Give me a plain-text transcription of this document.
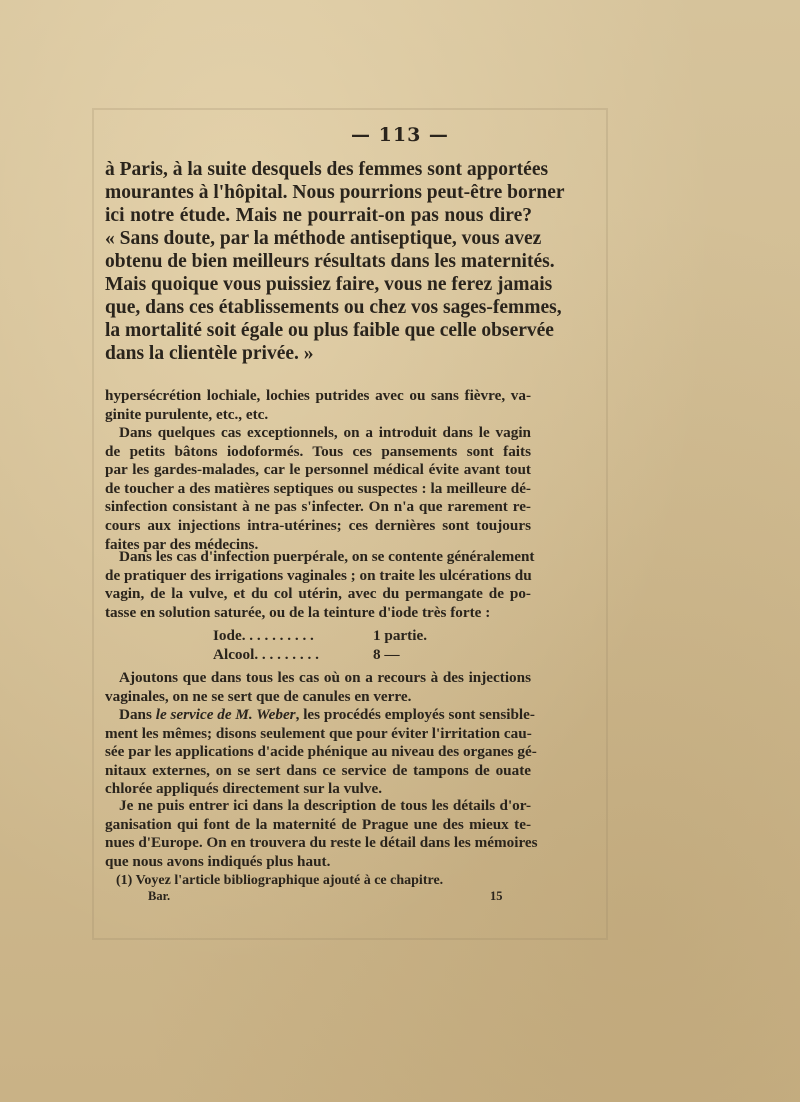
— 113 —
à Paris, à la suite desquels des femmes sont apportées
mourantes à l'hôpital. Nous pourrions peut-être borner
ici notre étude. Mais ne pourrait-on pas nous dire?
« Sans doute, par la méthode antiseptique, vous avez
obtenu de bien meilleurs résultats dans les maternités.
Mais quoique vous puissiez faire, vous ne ferez jamais
que, dans ces établissements ou chez vos sages-femmes,
la mortalité soit égale ou plus faible que celle observée
dans la clientèle privée. »
hypersécrétion lochiale, lochies putrides avec ou sans fièvre, va-
ginite purulente, etc., etc.
Dans quelques cas exceptionnels, on a introduit dans le vagin
de petits bâtons iodoformés. Tous ces pansements sont faits
par les gardes-malades, car le personnel médical évite avant tout
de toucher a des matières septiques ou suspectes : la meilleure dé-
sinfection consistant à ne pas s'infecter. On n'a que rarement re-
cours aux injections intra-utérines; ces dernières sont toujours
faites par des médecins.
Dans les cas d'infection puerpérale, on se contente généralement
de pratiquer des irrigations vaginales ; on traite les ulcérations du
vagin, de la vulve, et du col utérin, avec du permangate de po-
tasse en solution saturée, ou de la teinture d'iode très forte :
Iode. . . . . . . . . .	1 partie.
Alcool. . . . . . . . .	8 —
Ajoutons que dans tous les cas où on a recours à des injections
vaginales, on ne se sert que de canules en verre.
Dans le service de M. Weber, les procédés employés sont sensible-
ment les mêmes; disons seulement que pour éviter l'irritation cau-
sée par les applications d'acide phénique au niveau des organes gé-
nitaux externes, on se sert dans ce service de tampons de ouate
chlorée appliqués directement sur la vulve.
Je ne puis entrer ici dans la description de tous les détails d'or-
ganisation qui font de la maternité de Prague une des mieux te-
nues d'Europe. On en trouvera du reste le détail dans les mémoires
que nous avons indiqués plus haut.
(1) Voyez l'article bibliographique ajouté à ce chapitre.
Bar.	15
